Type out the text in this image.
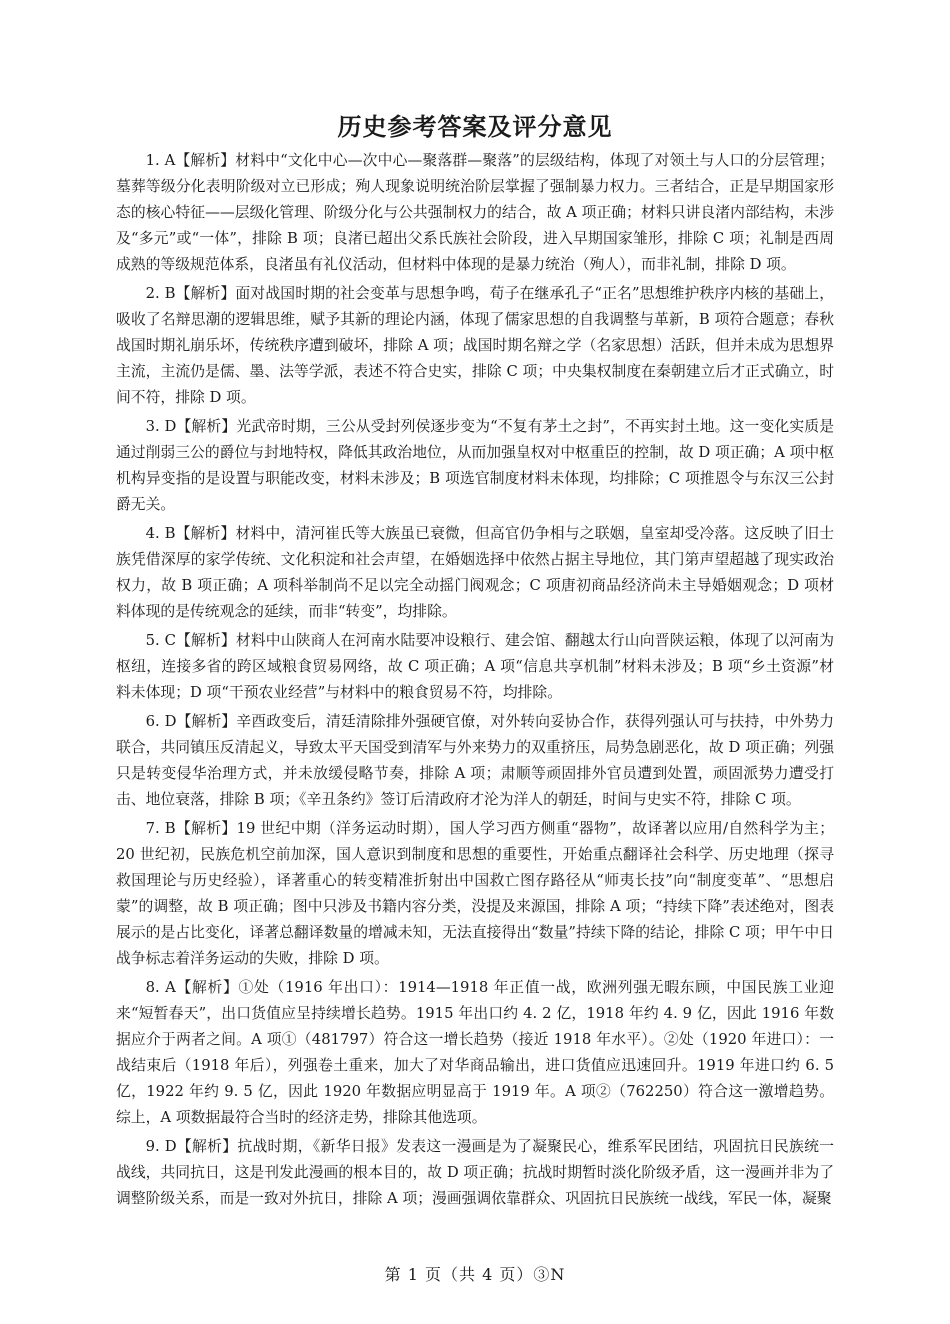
历史参考答案及评分意见

1. A【解析】材料中“文化中心—次中心—聚落群—聚落”的层级结构，体现了对领土与人口的分层管理；墓葬等级分化表明阶级对立已形成；殉人现象说明统治阶层掌握了强制暴力权力。三者结合，正是早期国家形态的核心特征——层级化管理、阶级分化与公共强制权力的结合，故 A 项正确；材料只讲良渚内部结构，未涉及“多元”或“一体”，排除 B 项；良渚已超出父系氏族社会阶段，进入早期国家雏形，排除 C 项；礼制是西周成熟的等级规范体系，良渚虽有礼仪活动，但材料中体现的是暴力统治（殉人），而非礼制，排除 D 项。

2. B【解析】面对战国时期的社会变革与思想争鸣，荀子在继承孔子“正名”思想维护秩序内核的基础上，吸收了名辩思潮的逻辑思维，赋予其新的理论内涵，体现了儒家思想的自我调整与革新，B 项符合题意；春秋战国时期礼崩乐坏，传统秩序遭到破坏，排除 A 项；战国时期名辩之学（名家思想）活跃，但并未成为思想界主流，主流仍是儒、墨、法等学派，表述不符合史实，排除 C 项；中央集权制度在秦朝建立后才正式确立，时间不符，排除 D 项。

3. D【解析】光武帝时期，三公从受封列侯逐步变为“不复有茅土之封”，不再实封土地。这一变化实质是通过削弱三公的爵位与封地特权，降低其政治地位，从而加强皇权对中枢重臣的控制，故 D 项正确；A 项中枢机构异变指的是设置与职能改变，材料未涉及；B 项选官制度材料未体现，均排除；C 项推恩令与东汉三公封爵无关。

4. B【解析】材料中，清河崔氏等大族虽已衰微，但高官仍争相与之联姻，皇室却受冷落。这反映了旧士族凭借深厚的家学传统、文化积淀和社会声望，在婚姻选择中依然占据主导地位，其门第声望超越了现实政治权力，故 B 项正确；A 项科举制尚不足以完全动摇门阀观念；C 项唐初商品经济尚未主导婚姻观念；D 项材料体现的是传统观念的延续，而非“转变”，均排除。

5. C【解析】材料中山陕商人在河南水陆要冲设粮行、建会馆、翻越太行山向晋陕运粮，体现了以河南为枢纽，连接多省的跨区域粮食贸易网络，故 C 项正确；A 项“信息共享机制”材料未涉及；B 项“乡土资源”材料未体现；D 项“干预农业经营”与材料中的粮食贸易不符，均排除。

6. D【解析】辛酉政变后，清廷清除排外强硬官僚，对外转向妥协合作，获得列强认可与扶持，中外势力联合，共同镇压反清起义，导致太平天国受到清军与外来势力的双重挤压，局势急剧恶化，故 D 项正确；列强只是转变侵华治理方式，并未放缓侵略节奏，排除 A 项；肃顺等顽固排外官员遭到处置，顽固派势力遭受打击、地位衰落，排除 B 项；《辛丑条约》签订后清政府才沦为洋人的朝廷，时间与史实不符，排除 C 项。

7. B【解析】19 世纪中期（洋务运动时期），国人学习西方侧重“器物”，故译著以应用/自然科学为主；20 世纪初，民族危机空前加深，国人意识到制度和思想的重要性，开始重点翻译社会科学、历史地理（探寻救国理论与历史经验），译著重心的转变精准折射出中国救亡图存路径从“师夷长技”向“制度变革”、“思想启蒙”的调整，故 B 项正确；图中只涉及书籍内容分类，没提及来源国，排除 A 项；“持续下降”表述绝对，图表展示的是占比变化，译著总翻译数量的增减未知，无法直接得出“数量”持续下降的结论，排除 C 项；甲午中日战争标志着洋务运动的失败，排除 D 项。

8. A【解析】①处（1916 年出口）：1914—1918 年正值一战，欧洲列强无暇东顾，中国民族工业迎来“短暂春天”，出口货值应呈持续增长趋势。1915 年出口约 4. 2 亿，1918 年约 4. 9 亿，因此 1916 年数据应介于两者之间。A 项①（481797）符合这一增长趋势（接近 1918 年水平）。②处（1920 年进口）：一战结束后（1918 年后），列强卷土重来，加大了对华商品输出，进口货值应迅速回升。1919 年进口约 6. 5 亿，1922 年约 9. 5 亿，因此 1920 年数据应明显高于 1919 年。A 项②（762250）符合这一激增趋势。综上，A 项数据最符合当时的经济走势，排除其他选项。

9. D【解析】抗战时期，《新华日报》发表这一漫画是为了凝聚民心，维系军民团结，巩固抗日民族统一战线，共同抗日，这是刊发此漫画的根本目的，故 D 项正确；抗战时期暂时淡化阶级矛盾，这一漫画并非为了调整阶级关系，而是一致对外抗日，排除 A 项；漫画强调依靠群众、巩固抗日民族统一战线，军民一体，凝聚

第 1 页（共 4 页）③N
